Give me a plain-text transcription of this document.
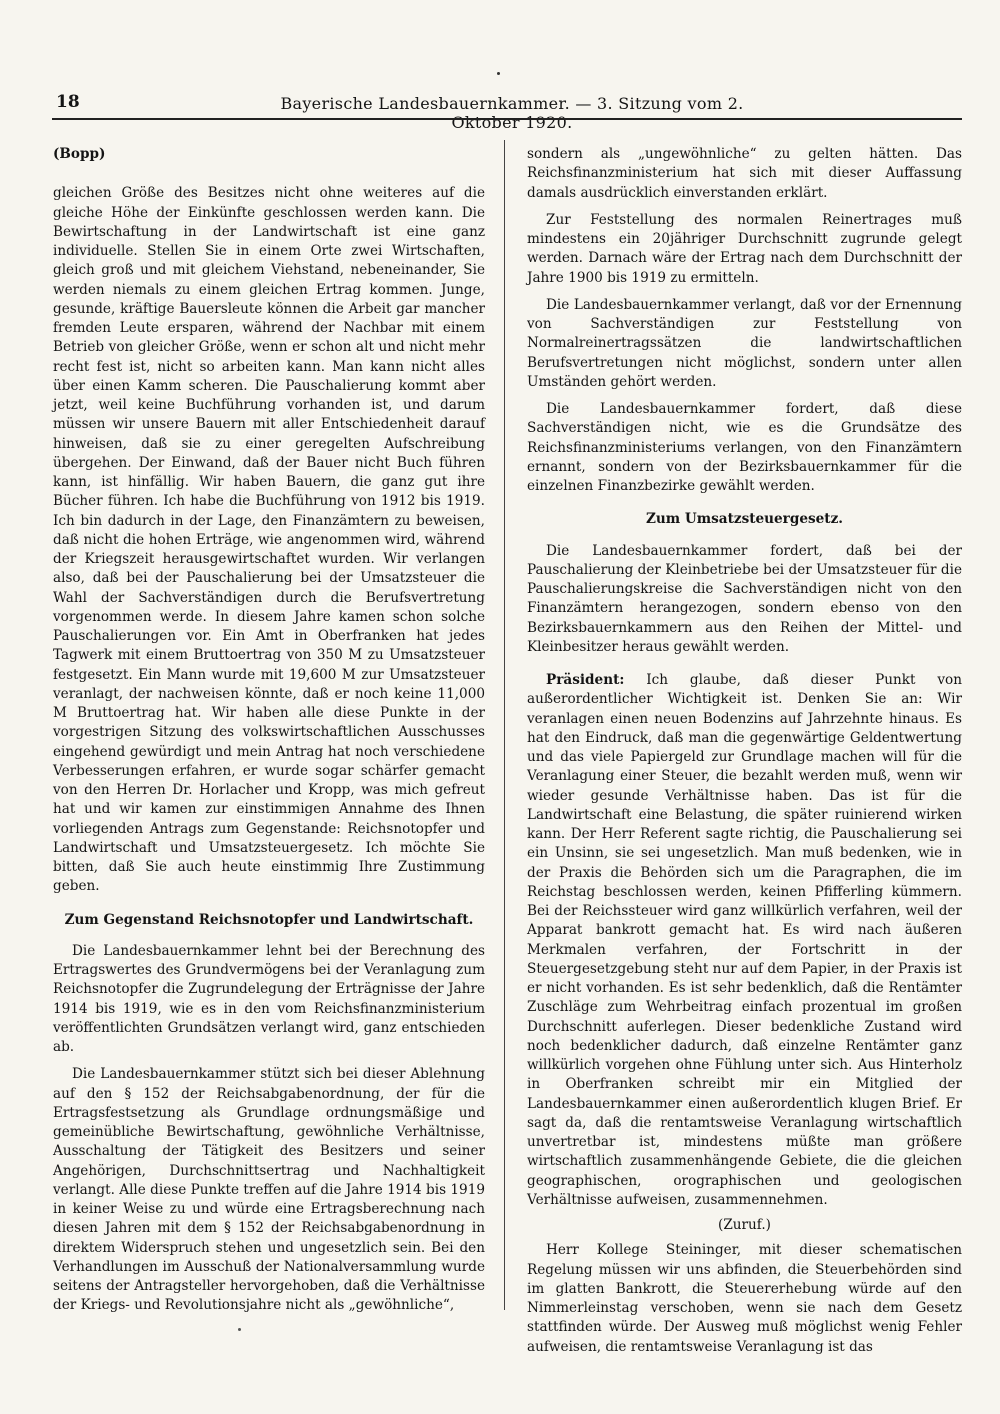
18	Bayerische Landesbauernkammer. — 3. Sitzung vom 2. Oktober 1920.

(Bopp)

gleichen Größe des Besitzes nicht ohne weiteres auf die gleiche Höhe der Einkünfte geschlossen werden kann. Die Bewirtschaftung in der Landwirtschaft ist eine ganz individuelle. Stellen Sie in einem Orte zwei Wirtschaften, gleich groß und mit gleichem Viehstand, nebeneinander, Sie werden niemals zu einem gleichen Ertrag kommen. Junge, gesunde, kräftige Bauersleute können die Arbeit gar mancher fremden Leute ersparen, während der Nachbar mit einem Betrieb von gleicher Größe, wenn er schon alt und nicht mehr recht fest ist, nicht so arbeiten kann. Man kann nicht alles über einen Kamm scheren. Die Pauschalierung kommt aber jetzt, weil keine Buchführung vorhanden ist, und darum müssen wir unsere Bauern mit aller Entschiedenheit darauf hinweisen, daß sie zu einer geregelten Aufschreibung übergehen. Der Einwand, daß der Bauer nicht Buch führen kann, ist hinfällig. Wir haben Bauern, die ganz gut ihre Bücher führen. Ich habe die Buchführung von 1912 bis 1919. Ich bin dadurch in der Lage, den Finanzämtern zu beweisen, daß nicht die hohen Erträge, wie angenommen wird, während der Kriegszeit herausgewirtschaftet wurden. Wir verlangen also, daß bei der Pauschalierung bei der Umsatzsteuer die Wahl der Sachverständigen durch die Berufsvertretung vorgenommen werde. In diesem Jahre kamen schon solche Pauschalierungen vor. Ein Amt in Oberfranken hat jedes Tagwerk mit einem Bruttoertrag von 350 M zu Umsatzsteuer festgesetzt. Ein Mann wurde mit 19,600 M zur Umsatzsteuer veranlagt, der nachweisen könnte, daß er noch keine 11,000 M Bruttoertrag hat. Wir haben alle diese Punkte in der vorgestrigen Sitzung des volkswirtschaftlichen Ausschusses eingehend gewürdigt und mein Antrag hat noch verschiedene Verbesserungen erfahren, er wurde sogar schärfer gemacht von den Herren Dr. Horlacher und Kropp, was mich gefreut hat und wir kamen zur einstimmigen Annahme des Ihnen vorliegenden Antrags zum Gegenstande: Reichsnotopfer und Landwirtschaft und Umsatzsteuergesetz. Ich möchte Sie bitten, daß Sie auch heute einstimmig Ihre Zustimmung geben.

Zum Gegenstand Reichsnotopfer und Landwirtschaft.

Die Landesbauernkammer lehnt bei der Berechnung des Ertragswertes des Grundvermögens bei der Veranlagung zum Reichsnotopfer die Zugrundelegung der Erträgnisse der Jahre 1914 bis 1919, wie es in den vom Reichsfinanzministerium veröffentlichten Grundsätzen verlangt wird, ganz entschieden ab.

Die Landesbauernkammer stützt sich bei dieser Ablehnung auf den § 152 der Reichsabgabenordnung, der für die Ertragsfestsetzung als Grundlage ordnungsmäßige und gemeinübliche Bewirtschaftung, gewöhnliche Verhältnisse, Ausschaltung der Tätigkeit des Besitzers und seiner Angehörigen, Durchschnittsertrag und Nachhaltigkeit verlangt. Alle diese Punkte treffen auf die Jahre 1914 bis 1919 in keiner Weise zu und würde eine Ertragsberechnung nach diesen Jahren mit dem § 152 der Reichsabgabenordnung in direktem Widerspruch stehen und ungesetzlich sein. Bei den Verhandlungen im Ausschuß der Nationalversammlung wurde seitens der Antragsteller hervorgehoben, daß die Verhältnisse der Kriegs- und Revolutionsjahre nicht als „gewöhnliche“,

sondern als „ungewöhnliche“ zu gelten hätten. Das Reichsfinanzministerium hat sich mit dieser Auffassung damals ausdrücklich einverstanden erklärt.

Zur Feststellung des normalen Reinertrages muß mindestens ein 20jähriger Durchschnitt zugrunde gelegt werden. Darnach wäre der Ertrag nach dem Durchschnitt der Jahre 1900 bis 1919 zu ermitteln.

Die Landesbauernkammer verlangt, daß vor der Ernennung von Sachverständigen zur Feststellung von Normalreinertragssätzen die landwirtschaftlichen Berufsvertretungen nicht möglichst, sondern unter allen Umständen gehört werden.

Die Landesbauernkammer fordert, daß diese Sachverständigen nicht, wie es die Grundsätze des Reichsfinanzministeriums verlangen, von den Finanzämtern ernannt, sondern von der Bezirksbauernkammer für die einzelnen Finanzbezirke gewählt werden.

Zum Umsatzsteuergesetz.

Die Landesbauernkammer fordert, daß bei der Pauschalierung der Kleinbetriebe bei der Umsatzsteuer für die Pauschalierungskreise die Sachverständigen nicht von den Finanzämtern herangezogen, sondern ebenso von den Bezirksbauernkammern aus den Reihen der Mittel- und Kleinbesitzer heraus gewählt werden.

Präsident: Ich glaube, daß dieser Punkt von außerordentlicher Wichtigkeit ist. Denken Sie an: Wir veranlagen einen neuen Bodenzins auf Jahrzehnte hinaus. Es hat den Eindruck, daß man die gegenwärtige Geldentwertung und das viele Papiergeld zur Grundlage machen will für die Veranlagung einer Steuer, die bezahlt werden muß, wenn wir wieder gesunde Verhältnisse haben. Das ist für die Landwirtschaft eine Belastung, die später ruinierend wirken kann. Der Herr Referent sagte richtig, die Pauschalierung sei ein Unsinn, sie sei ungesetzlich. Man muß bedenken, wie in der Praxis die Behörden sich um die Paragraphen, die im Reichstag beschlossen werden, keinen Pfifferling kümmern. Bei der Reichssteuer wird ganz willkürlich verfahren, weil der Apparat bankrott gemacht hat. Es wird nach äußeren Merkmalen verfahren, der Fortschritt in der Steuergesetzgebung steht nur auf dem Papier, in der Praxis ist er nicht vorhanden. Es ist sehr bedenklich, daß die Rentämter Zuschläge zum Wehrbeitrag einfach prozentual im großen Durchschnitt auferlegen. Dieser bedenkliche Zustand wird noch bedenklicher dadurch, daß einzelne Rentämter ganz willkürlich vorgehen ohne Fühlung unter sich. Aus Hinterholz in Oberfranken schreibt mir ein Mitglied der Landesbauernkammer einen außerordentlich klugen Brief. Er sagt da, daß die rentamtsweise Veranlagung wirtschaftlich unvertretbar ist, mindestens müßte man größere wirtschaftlich zusammenhängende Gebiete, die die gleichen geographischen, orographischen und geologischen Verhältnisse aufweisen, zusammennehmen.

(Zuruf.)

Herr Kollege Steininger, mit dieser schematischen Regelung müssen wir uns abfinden, die Steuerbehörden sind im glatten Bankrott, die Steuererhebung würde auf den Nimmerleinstag verschoben, wenn sie nach dem Gesetz stattfinden würde. Der Ausweg muß möglichst wenig Fehler aufweisen, die rentamtsweise Veranlagung ist das
